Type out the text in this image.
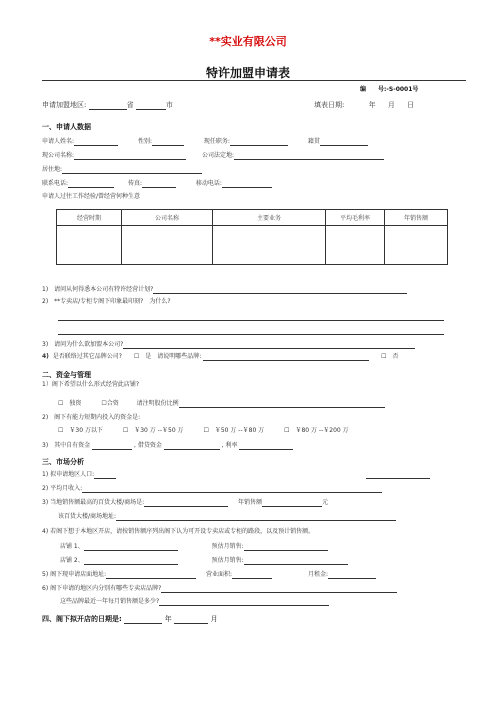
**实业有限公司
特许加盟申请表
编　　号:-S-0001号
申请加盟地区:	省	市	填表日期:	年 月 日
一、申请人数据
申请人姓名:	性别:	现任职务:	籍贯
现公司名称:	公司法定地:
居住地:
联系电话:	传真:	移动电话:
申请人过往工作经验/曾经营何种生意
经营时期	公司名称	主要业务	平均毛利率	年销售额

1)　请问从何得悉本公司有特许经营计划?
2)　**专卖店/专柜专阁下印象最印刻?　为什么?
3)　请问为什么欲加盟本公司?
4) 是否联络过其它品牌公司? ☐　是　请说明哪些品牌:	☐　否
二、资金与管理
1）阁下希望以什么形式经营此店铺?
☐　独资	☐合资	请注明股份比例
2)　阁下有能力短期内投入的资金是:
☐　￥30 万以下	☐　￥30 万 --￥50 万	☐　￥50 万 --￥80 万	☐　￥80 万 --￥200 万
3)　其中自有资金	, 借贷资金	, 利率
三、市场分析
1) 拟申请地区人口:
2) 平均月收入:
3) 当地销售额最高的百货大楼/商场是:	年销售额	元
该百货大楼/商场地址:
4) 若阁下想于本地区开店，请按销售额序列出阁下认为可开设专卖店或专柜的路段，以及预计销售额。
店铺 1、	预估月销售:
店铺 2、	预估月销售:
5) 阁下现申请店面地址:	营业面积:	月租金:
6) 阁下申请的地区内分别有哪些专卖店品牌?
这些品牌最近一年每月销售额是多少?
四、阁下拟开店的日期是:	年	月
